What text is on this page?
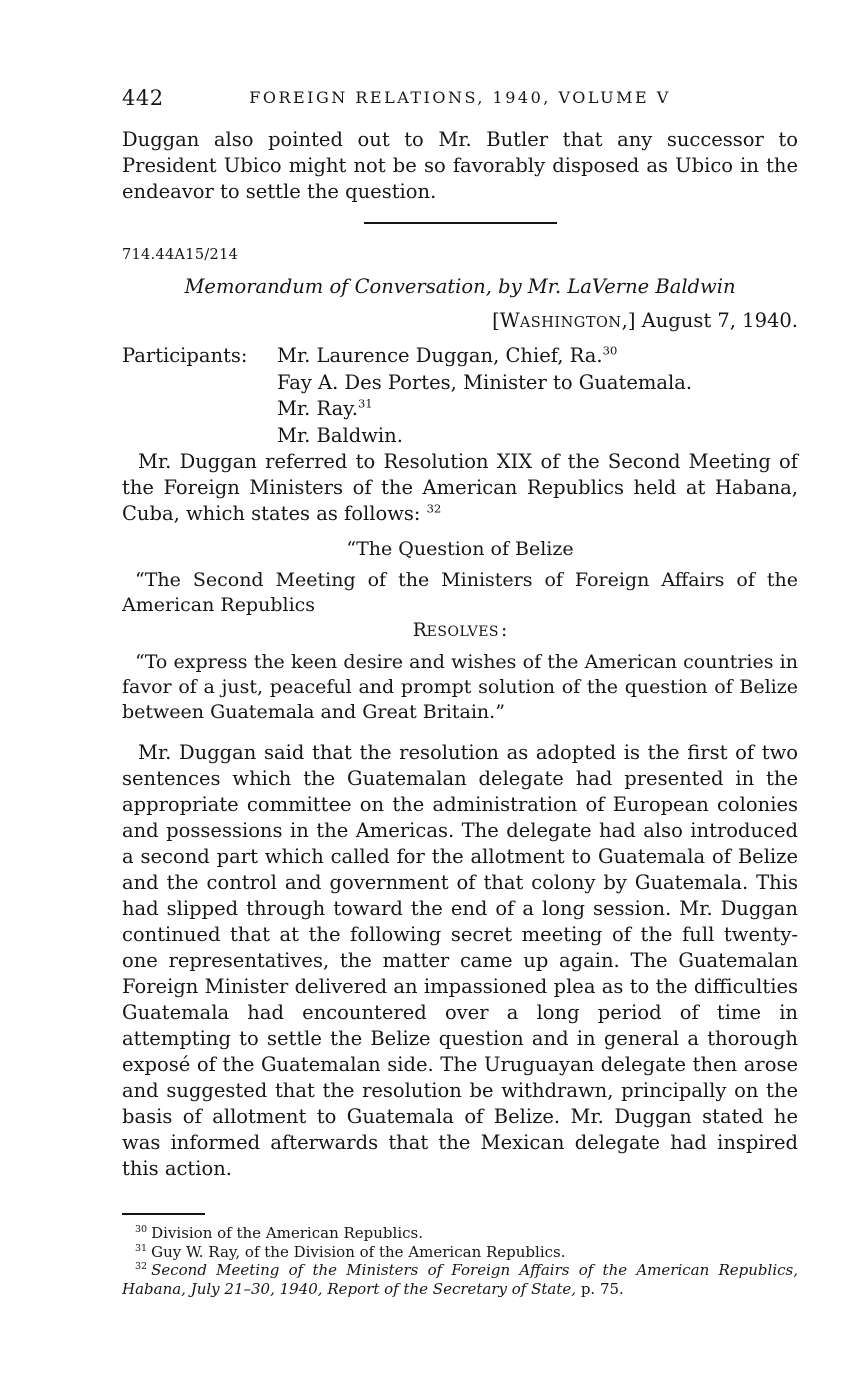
442	FOREIGN RELATIONS, 1940, VOLUME V

Duggan also pointed out to Mr. Butler that any successor to President Ubico might not be so favorably disposed as Ubico in the endeavor to settle the question.

714.44A15/214
Memorandum of Conversation, by Mr. LaVerne Baldwin
[WASHINGTON,] August 7, 1940.
Participants:	Mr. Laurence Duggan, Chief, Ra.$^{30}$
Fay A. Des Portes, Minister to Guatemala.
Mr. Ray.$^{31}$
Mr. Baldwin.

Mr. Duggan referred to Resolution XIX of the Second Meeting of the Foreign Ministers of the American Republics held at Habana, Cuba, which states as follows: $^{32}$

“The Question of Belize

“The Second Meeting of the Ministers of Foreign Affairs of the American Republics

RESOLVES :

“To express the keen desire and wishes of the American countries in favor of a just, peaceful and prompt solution of the question of Belize between Guatemala and Great Britain.”

Mr. Duggan said that the resolution as adopted is the first of two sentences which the Guatemalan delegate had presented in the appropriate committee on the administration of European colonies and possessions in the Americas. The delegate had also introduced a second part which called for the allotment to Guatemala of Belize and the control and government of that colony by Guatemala. This had slipped through toward the end of a long session. Mr. Duggan continued that at the following secret meeting of the full twenty-one representatives, the matter came up again. The Guatemalan Foreign Minister delivered an impassioned plea as to the difficulties Guatemala had encountered over a long period of time in attempting to settle the Belize question and in general a thorough exposé of the Guatemalan side. The Uruguayan delegate then arose and suggested that the resolution be withdrawn, principally on the basis of allotment to Guatemala of Belize. Mr. Duggan stated he was informed afterwards that the Mexican delegate had inspired this action.

$^{30}$ Division of the American Republics.

$^{31}$ Guy W. Ray, of the Division of the American Republics.

$^{32}$ Second Meeting of the Ministers of Foreign Affairs of the American Republics, Habana, July 21–30, 1940, Report of the Secretary of State, p. 75.
